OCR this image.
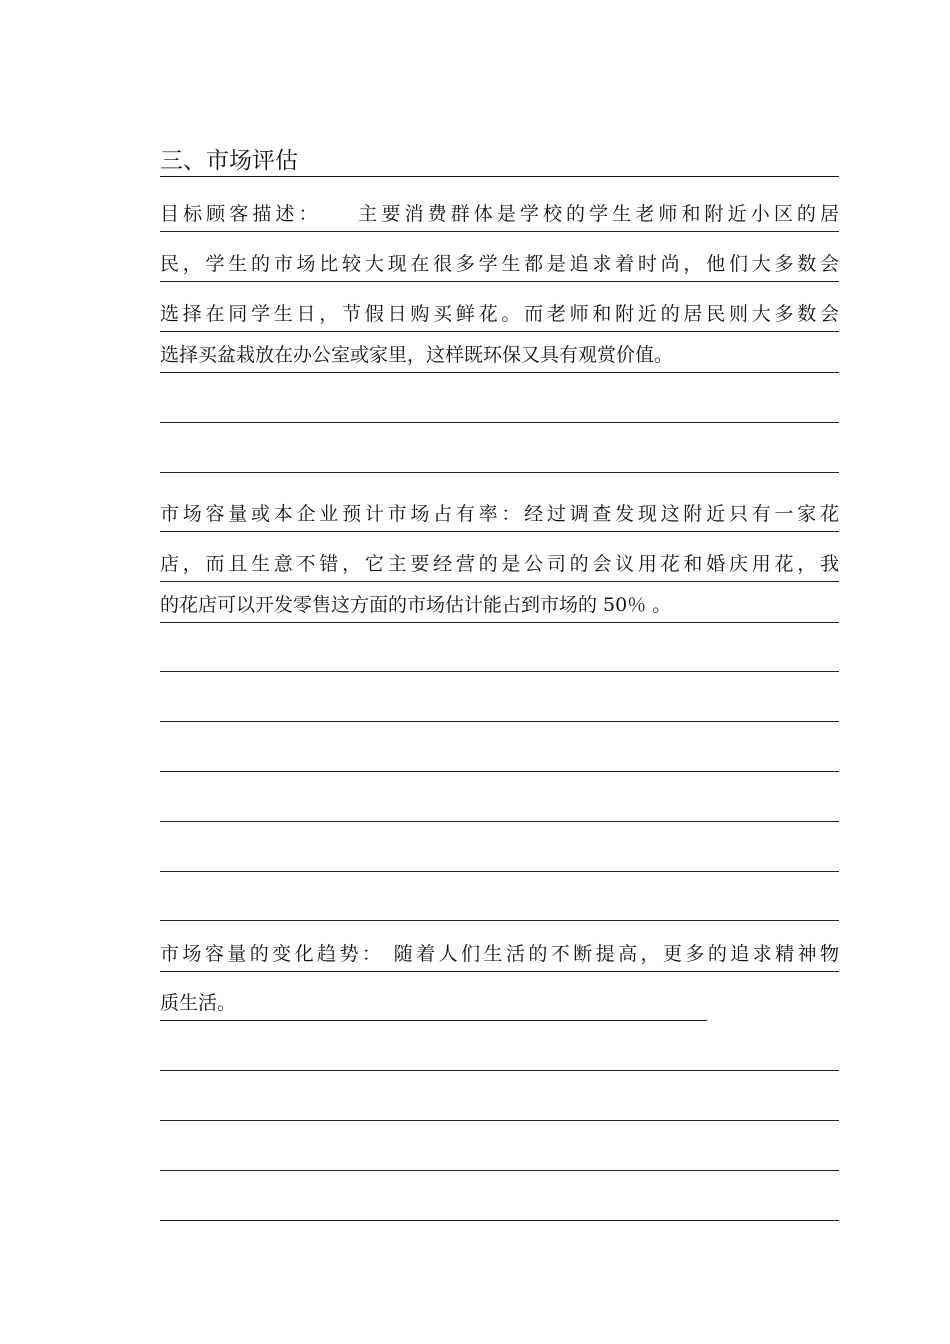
三、市场评估
目标顾客描述：　　主要消费群体是学校的学生老师和附近小区的居
民，学生的市场比较大现在很多学生都是追求着时尚，他们大多数会
选择在同学生日，节假日购买鲜花。而老师和附近的居民则大多数会
选择买盆栽放在办公室或家里，这样既环保又具有观赏价值。
市场容量或本企业预计市场占有率：经过调查发现这附近只有一家花
店，而且生意不错，它主要经营的是公司的会议用花和婚庆用花，我
的花店可以开发零售这方面的市场估计能占到市场的 50％ 。
市场容量的变化趋势： 随着人们生活的不断提高，更多的追求精神物
质生活。
